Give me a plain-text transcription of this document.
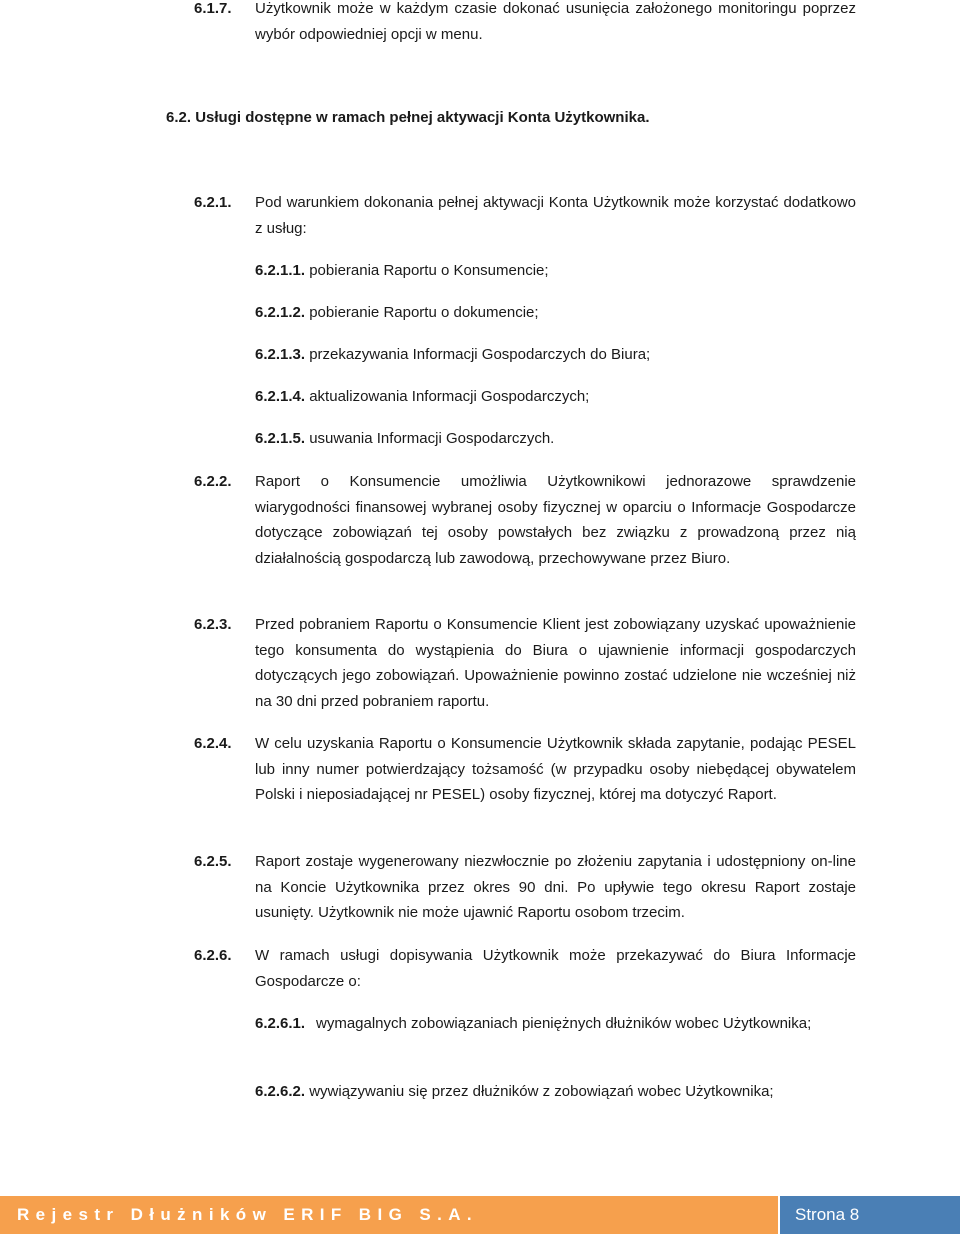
6.1.7. Użytkownik może w każdym czasie dokonać usunięcia założonego monitoringu poprzez wybór odpowiedniej opcji w menu.
6.2. Usługi dostępne w ramach pełnej aktywacji Konta Użytkownika.
6.2.1. Pod warunkiem dokonania pełnej aktywacji Konta Użytkownik może korzystać dodatkowo z usług:
6.2.1.1. pobierania Raportu o Konsumencie;
6.2.1.2. pobieranie Raportu o dokumencie;
6.2.1.3. przekazywania Informacji Gospodarczych do Biura;
6.2.1.4. aktualizowania Informacji Gospodarczych;
6.2.1.5. usuwania Informacji Gospodarczych.
6.2.2. Raport o Konsumencie umożliwia Użytkownikowi jednorazowe sprawdzenie wiarygodności finansowej wybranej osoby fizycznej w oparciu o Informacje Gospodarcze dotyczące zobowiązań tej osoby powstałych bez związku z prowadzoną przez nią działalnością gospodarczą lub zawodową, przechowywane przez Biuro.
6.2.3. Przed pobraniem Raportu o Konsumencie Klient jest zobowiązany uzyskać upoważnienie tego konsumenta do wystąpienia do Biura o ujawnienie informacji gospodarczych dotyczących jego zobowiązań. Upoważnienie powinno zostać udzielone nie wcześniej niż na 30 dni przed pobraniem raportu.
6.2.4. W celu uzyskania Raportu o Konsumencie Użytkownik składa zapytanie, podając PESEL lub inny numer potwierdzający tożsamość (w przypadku osoby niebędącej obywatelem Polski i nieposiadającej nr PESEL) osoby fizycznej, której ma dotyczyć Raport.
6.2.5. Raport zostaje wygenerowany niezwłocznie po złożeniu zapytania i udostępniony on-line na Koncie Użytkownika przez okres 90 dni. Po upływie tego okresu Raport zostaje usunięty. Użytkownik nie może ujawnić Raportu osobom trzecim.
6.2.6. W ramach usługi dopisywania Użytkownik może przekazywać do Biura Informacje Gospodarcze o:
6.2.6.1. wymagalnych zobowiązaniach pieniężnych dłużników wobec Użytkownika;
6.2.6.2. wywiązywaniu się przez dłużników z zobowiązań wobec Użytkownika;
Rejestr Dłużników ERIF BIG S.A.	Strona 8
